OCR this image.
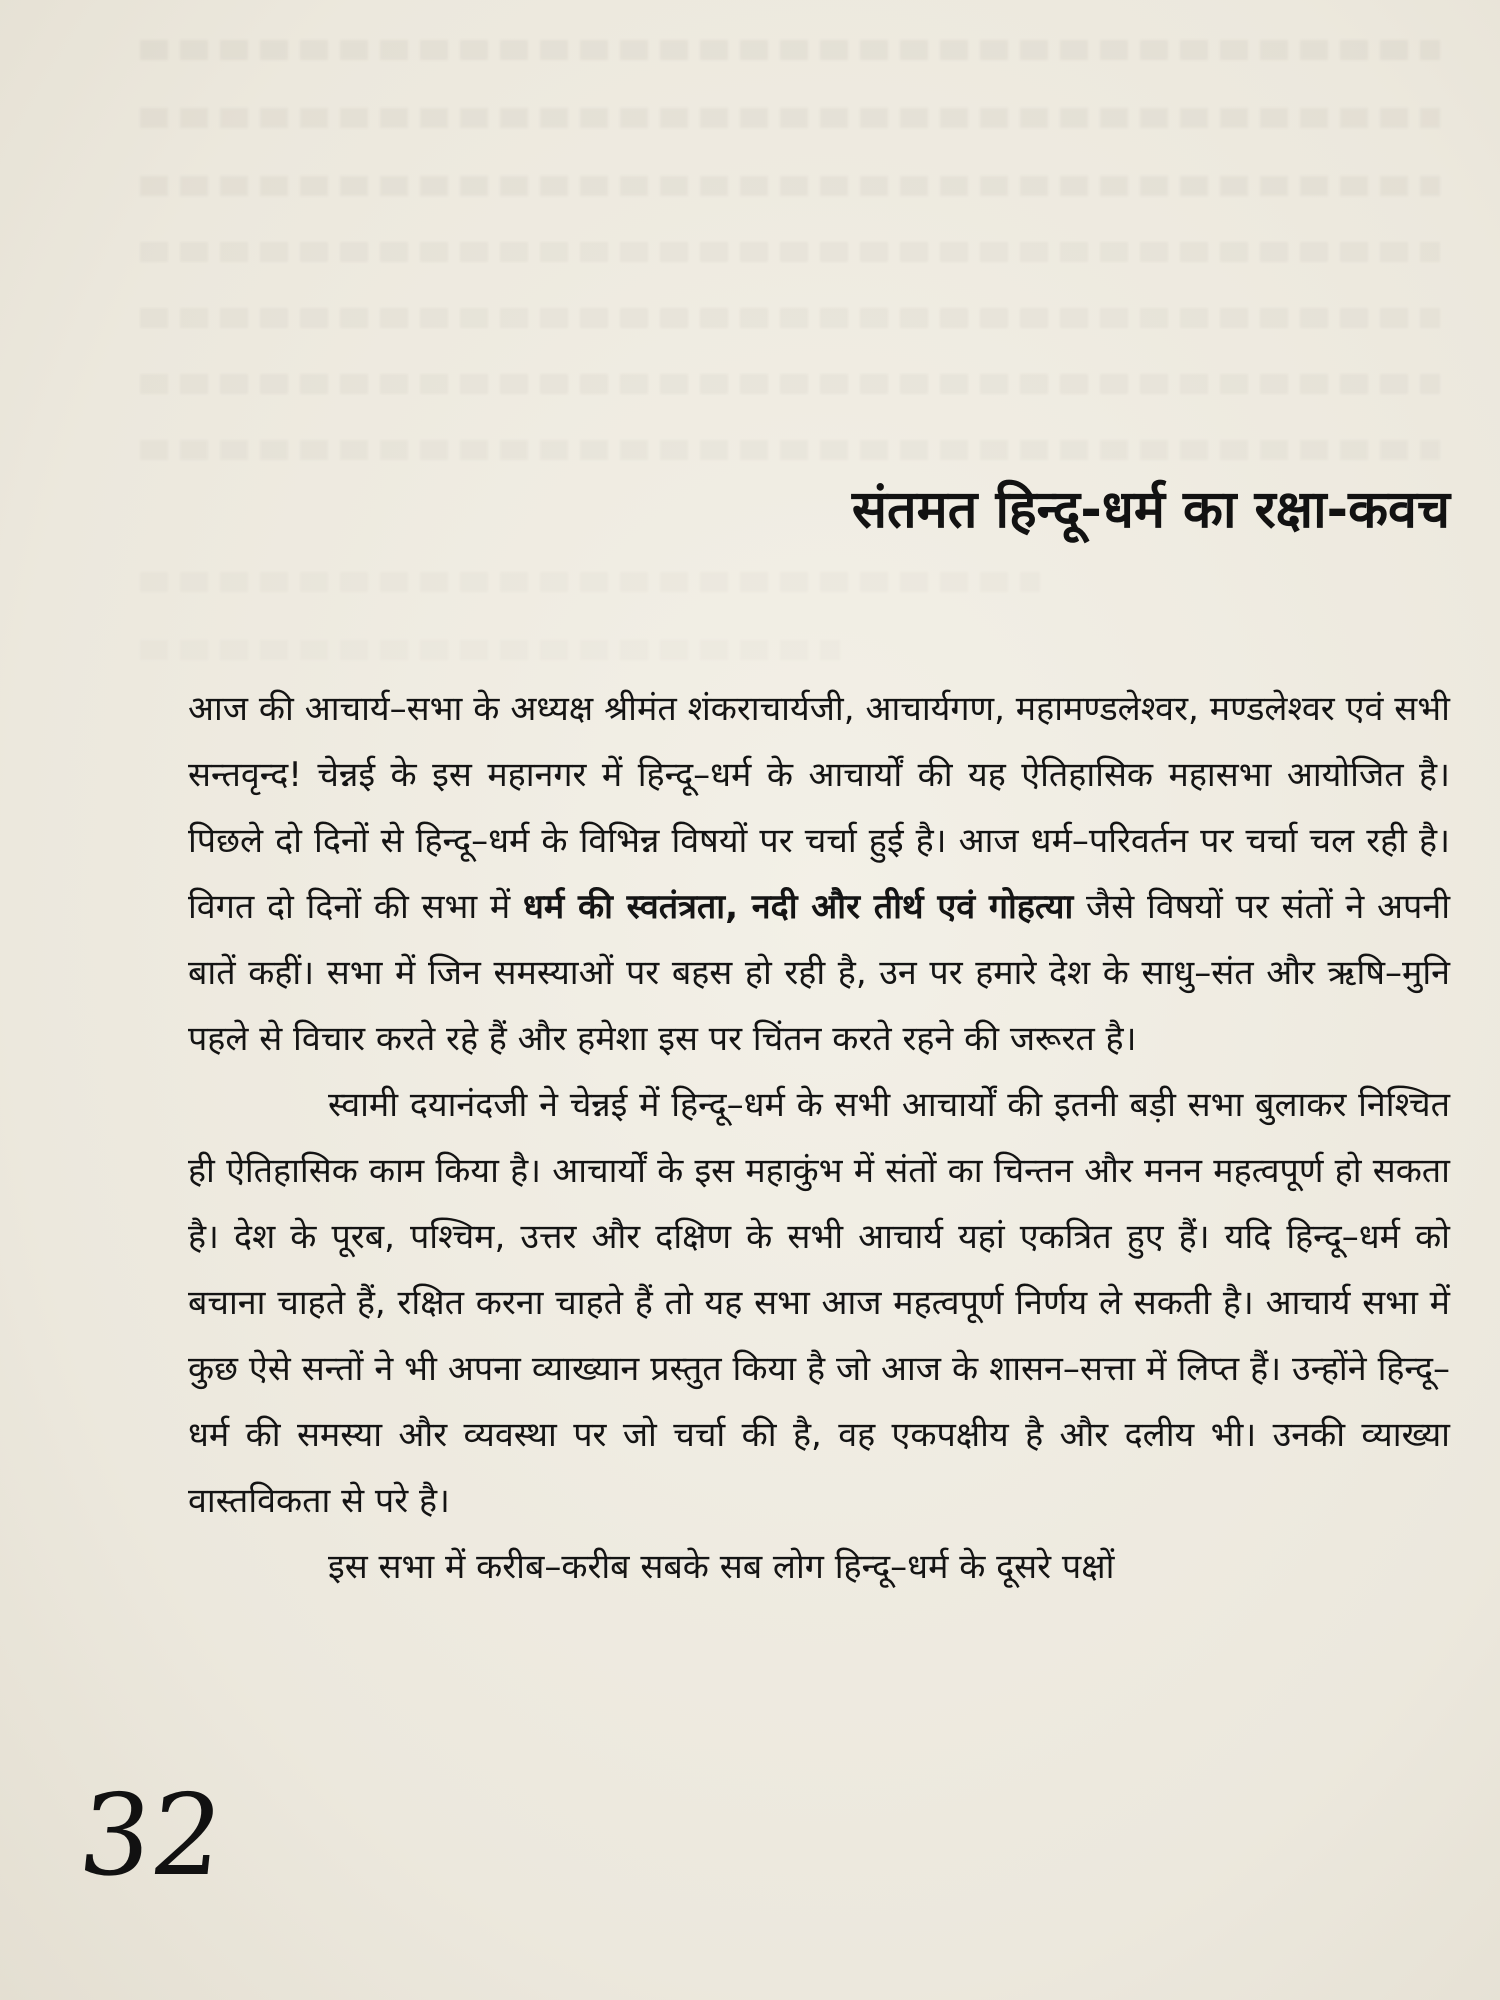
संतमत हिन्दू-धर्म का रक्षा-कवच

आज की आचार्य–सभा के अध्यक्ष श्रीमंत शंकराचार्यजी, आचार्यगण, महामण्डलेश्वर, मण्डलेश्वर एवं सभी सन्तवृन्द! चेन्नई के इस महानगर में हिन्दू–धर्म के आचार्यों की यह ऐतिहासिक महासभा आयोजित है। पिछले दो दिनों से हिन्दू–धर्म के विभिन्न विषयों पर चर्चा हुई है। आज धर्म–परिवर्तन पर चर्चा चल रही है। विगत दो दिनों की सभा में धर्म की स्वतंत्रता, नदी और तीर्थ एवं गोहत्या जैसे विषयों पर संतों ने अपनी बातें कहीं। सभा में जिन समस्याओं पर बहस हो रही है, उन पर हमारे देश के साधु–संत और ऋषि–मुनि पहले से विचार करते रहे हैं और हमेशा इस पर चिंतन करते रहने की जरूरत है।

स्वामी दयानंदजी ने चेन्नई में हिन्दू–धर्म के सभी आचार्यों की इतनी बड़ी सभा बुलाकर निश्चित ही ऐतिहासिक काम किया है। आचार्यों के इस महाकुंभ में संतों का चिन्तन और मनन महत्वपूर्ण हो सकता है। देश के पूरब, पश्चिम, उत्तर और दक्षिण के सभी आचार्य यहां एकत्रित हुए हैं। यदि हिन्दू–धर्म को बचाना चाहते हैं, रक्षित करना चाहते हैं तो यह सभा आज महत्वपूर्ण निर्णय ले सकती है। आचार्य सभा में कुछ ऐसे सन्तों ने भी अपना व्याख्यान प्रस्तुत किया है जो आज के शासन–सत्ता में लिप्त हैं। उन्होंने हिन्दू–धर्म की समस्या और व्यवस्था पर जो चर्चा की है, वह एकपक्षीय है और दलीय भी। उनकी व्याख्या वास्तविकता से परे है।

इस सभा में करीब–करीब सबके सब लोग हिन्दू–धर्म के दूसरे पक्षों

32
